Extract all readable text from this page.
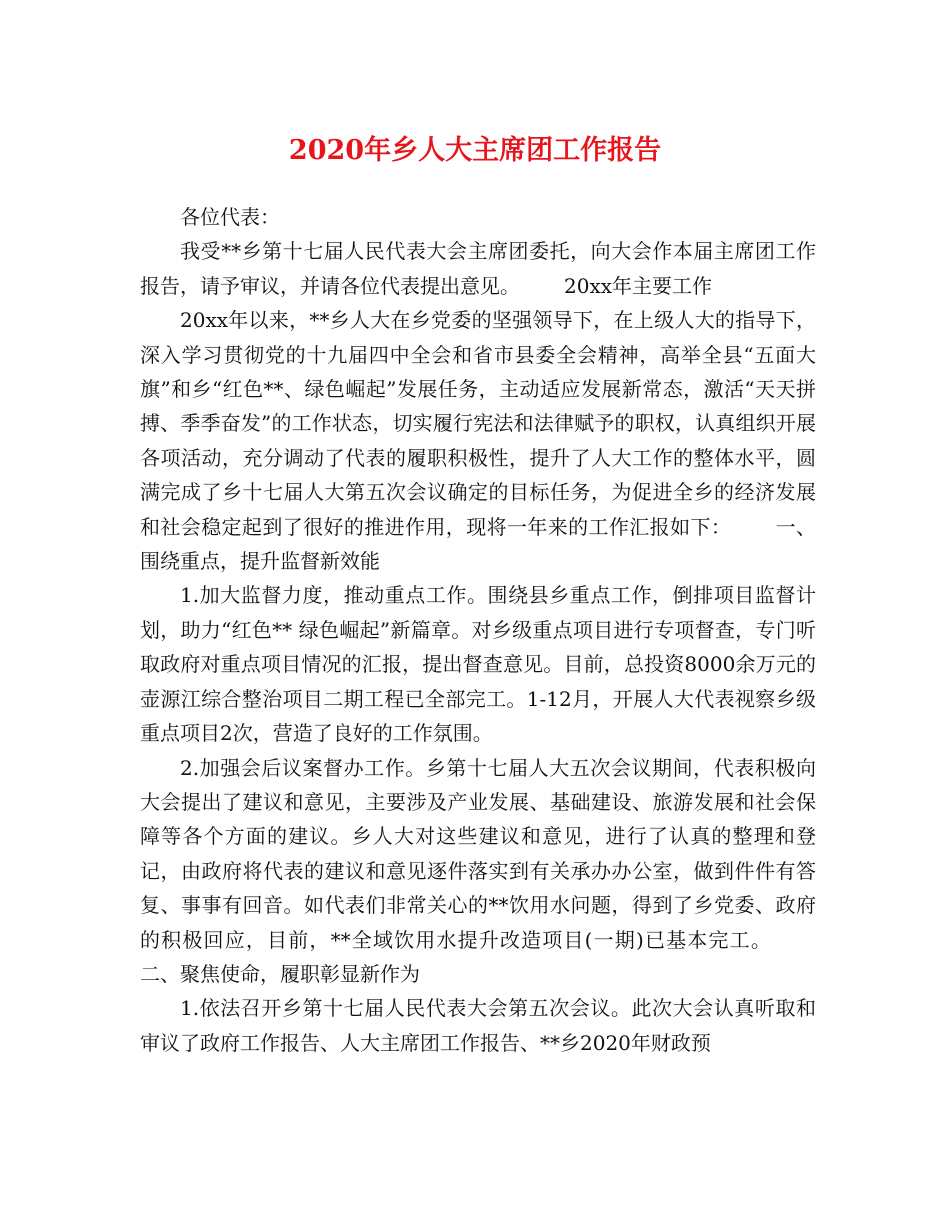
2020年乡人大主席团工作报告

各位代表：

我受**乡第十七届人民代表大会主席团委托，向大会作本届主席团工作报告，请予审议，并请各位代表提出意见。 20xx年主要工作

20xx年以来，**乡人大在乡党委的坚强领导下，在上级人大的指导下，深入学习贯彻党的十九届四中全会和省市县委全会精神，高举全县“五面大旗”和乡“红色**、绿色崛起”发展任务，主动适应发展新常态，激活“天天拼搏、季季奋发”的工作状态，切实履行宪法和法律赋予的职权，认真组织开展各项活动，充分调动了代表的履职积极性，提升了人大工作的整体水平，圆满完成了乡十七届人大第五次会议确定的目标任务，为促进全乡的经济发展和社会稳定起到了很好的推进作用，现将一年来的工作汇报如下： 一、围绕重点，提升监督新效能

1.加大监督力度，推动重点工作。围绕县乡重点工作，倒排项目监督计划，助力“红色** 绿色崛起”新篇章。对乡级重点项目进行专项督查，专门听取政府对重点项目情况的汇报，提出督查意见。目前，总投资8000余万元的壶源江综合整治项目二期工程已全部完工。1-12月，开展人大代表视察乡级重点项目2次，营造了良好的工作氛围。

2.加强会后议案督办工作。乡第十七届人大五次会议期间，代表积极向大会提出了建议和意见，主要涉及产业发展、基础建设、旅游发展和社会保障等各个方面的建议。乡人大对这些建议和意见，进行了认真的整理和登记，由政府将代表的建议和意见逐件落实到有关承办办公室，做到件件有答复、事事有回音。如代表们非常关心的**饮用水问题，得到了乡党委、政府的积极回应，目前，**全域饮用水提升改造项目(一期)已基本完工。二、聚焦使命，履职彰显新作为

1.依法召开乡第十七届人民代表大会第五次会议。此次大会认真听取和审议了政府工作报告、人大主席团工作报告、**乡2020年财政预
